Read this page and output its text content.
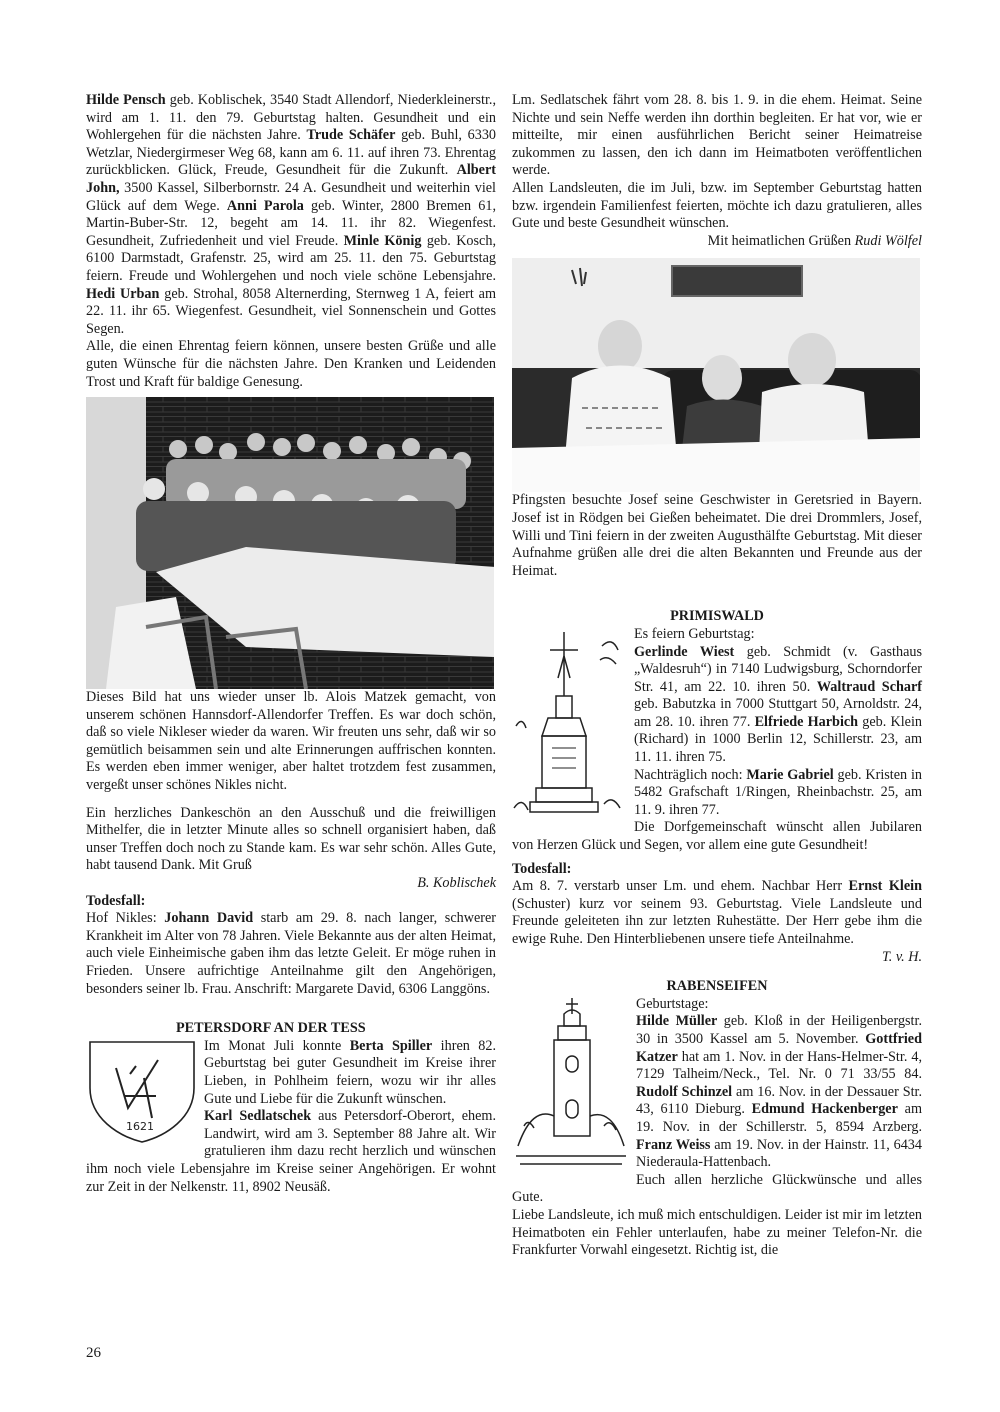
Hilde Pensch geb. Koblischek, 3540 Stadt Allendorf, Niederkleinerstr., wird am 1. 11. den 79. Geburtstag halten. Gesundheit und ein Wohlergehen für die nächsten Jahre. Trude Schäfer geb. Buhl, 6330 Wetzlar, Niedergirmeser Weg 68, kann am 6. 11. auf ihren 73. Ehrentag zurückblicken. Glück, Freude, Gesundheit für die Zukunft. Albert John, 3500 Kassel, Silberbornstr. 24 A. Gesundheit und weiterhin viel Glück auf dem Wege. Anni Parola geb. Winter, 2800 Bremen 61, Martin-Buber-Str. 12, begeht am 14. 11. ihr 82. Wiegenfest. Gesundheit, Zufriedenheit und viel Freude. Minle König geb. Kosch, 6100 Darmstadt, Grafenstr. 25, wird am 25. 11. den 75. Geburtstag feiern. Freude und Wohlergehen und noch viele schöne Lebensjahre. Hedi Urban geb. Strohal, 8058 Alternerding, Sternweg 1 A, feiert am 22. 11. ihr 65. Wiegenfest. Gesundheit, viel Sonnenschein und Gottes Segen.

Alle, die einen Ehrentag feiern können, unsere besten Grüße und alle guten Wünsche für die nächsten Jahre. Den Kranken und Leidenden Trost und Kraft für baldige Genesung.

Dieses Bild hat uns wieder unser lb. Alois Matzek gemacht, von unserem schönen Hannsdorf-Allendorfer Treffen. Es war doch schön, daß so viele Nikleser wieder da waren. Wir freuten uns sehr, daß wir so gemütlich beisammen sein und alte Erinnerungen auffrischen konnten. Es werden eben immer weniger, aber haltet trotzdem fest zusammen, vergeßt unser schönes Nikles nicht.

Ein herzliches Dankeschön an den Ausschuß und die freiwilligen Mithelfer, die in letzter Minute alles so schnell organisiert haben, daß unser Treffen doch noch zu Stande kam. Es war sehr schön. Alles Gute, habt tausend Dank. Mit Gruß

B. Koblischek

Todesfall:

Hof Nikles: Johann David starb am 29. 8. nach langer, schwerer Krankheit im Alter von 78 Jahren. Viele Bekannte aus der alten Heimat, auch viele Einheimische gaben ihm das letzte Geleit. Er möge ruhen in Frieden. Unsere aufrichtige Anteilnahme gilt den Angehörigen, besonders seiner lb. Frau. Anschrift: Margarete David, 6306 Langgöns.

PETERSDORF AN DER TESS

1621

Im Monat Juli konnte Berta Spiller ihren 82. Geburtstag bei guter Gesundheit im Kreise ihrer Lieben, in Pohlheim feiern, wozu wir ihr alles Gute und Liebe für die Zukunft wünschen.

Karl Sedlatschek aus Petersdorf-Oberort, ehem. Landwirt, wird am 3. September 88 Jahre alt. Wir gratulieren ihm dazu recht herzlich und wünschen ihm noch viele Lebensjahre im Kreise seiner Angehörigen. Er wohnt zur Zeit in der Nelkenstr. 11, 8902 Neusäß.

Lm. Sedlatschek fährt vom 28. 8. bis 1. 9. in die ehem. Heimat. Seine Nichte und sein Neffe werden ihn dorthin begleiten. Er hat vor, wie er mitteilte, mir einen ausführlichen Bericht seiner Heimatreise zukommen zu lassen, den ich dann im Heimatboten veröffentlichen werde.

Allen Landsleuten, die im Juli, bzw. im September Geburtstag hatten bzw. irgendein Familienfest feierten, möchte ich dazu gratulieren, alles Gute und beste Gesundheit wünschen.

Mit heimatlichen Grüßen Rudi Wölfel

Pfingsten besuchte Josef seine Geschwister in Geretsried in Bayern. Josef ist in Rödgen bei Gießen beheimatet. Die drei Drommlers, Josef, Willi und Tini feiern in der zweiten Augusthälfte Geburtstag. Mit dieser Aufnahme grüßen alle drei die alten Bekannten und Freunde aus der Heimat.

PRIMISWALD

Es feiern Geburtstag:

Gerlinde Wiest geb. Schmidt (v. Gasthaus „Waldesruh“) in 7140 Ludwigsburg, Schorndorfer Str. 41, am 22. 10. ihren 50. Waltraud Scharf geb. Babutzka in 7000 Stuttgart 50, Arnoldstr. 24, am 28. 10. ihren 77. Elfriede Harbich geb. Klein (Richard) in 1000 Berlin 12, Schillerstr. 23, am 11. 11. ihren 75.

Nachträglich noch: Marie Gabriel geb. Kristen in 5482 Grafschaft 1/Ringen, Rheinbachstr. 25, am 11. 9. ihren 77.

Die Dorfgemeinschaft wünscht allen Jubilaren von Herzen Glück und Segen, vor allem eine gute Gesundheit!

Todesfall:

Am 8. 7. verstarb unser Lm. und ehem. Nachbar Herr Ernst Klein (Schuster) kurz vor seinem 93. Geburtstag. Viele Landsleute und Freunde geleiteten ihn zur letzten Ruhestätte. Der Herr gebe ihm die ewige Ruhe. Den Hinterbliebenen unsere tiefe Anteilnahme.

T. v. H.

RABENSEIFEN

Geburtstage:

Hilde Müller geb. Kloß in der Heiligenbergstr. 30 in 3500 Kassel am 5. November. Gottfried Katzer hat am 1. Nov. in der Hans-Helmer-Str. 4, 7129 Talheim/Neck., Tel. Nr. 0 71 33/55 84. Rudolf Schinzel am 16. Nov. in der Dessauer Str. 43, 6110 Dieburg. Edmund Hackenberger am 19. Nov. in der Schillerstr. 5, 8594 Arzberg. Franz Weiss am 19. Nov. in der Hainstr. 11, 6434 Niederaula-Hattenbach.

Euch allen herzliche Glückwünsche und alles Gute.

Liebe Landsleute, ich muß mich entschuldigen. Leider ist mir im letzten Heimatboten ein Fehler unterlaufen, habe zu meiner Telefon-Nr. die Frankfurter Vorwahl eingesetzt. Richtig ist, die

26
